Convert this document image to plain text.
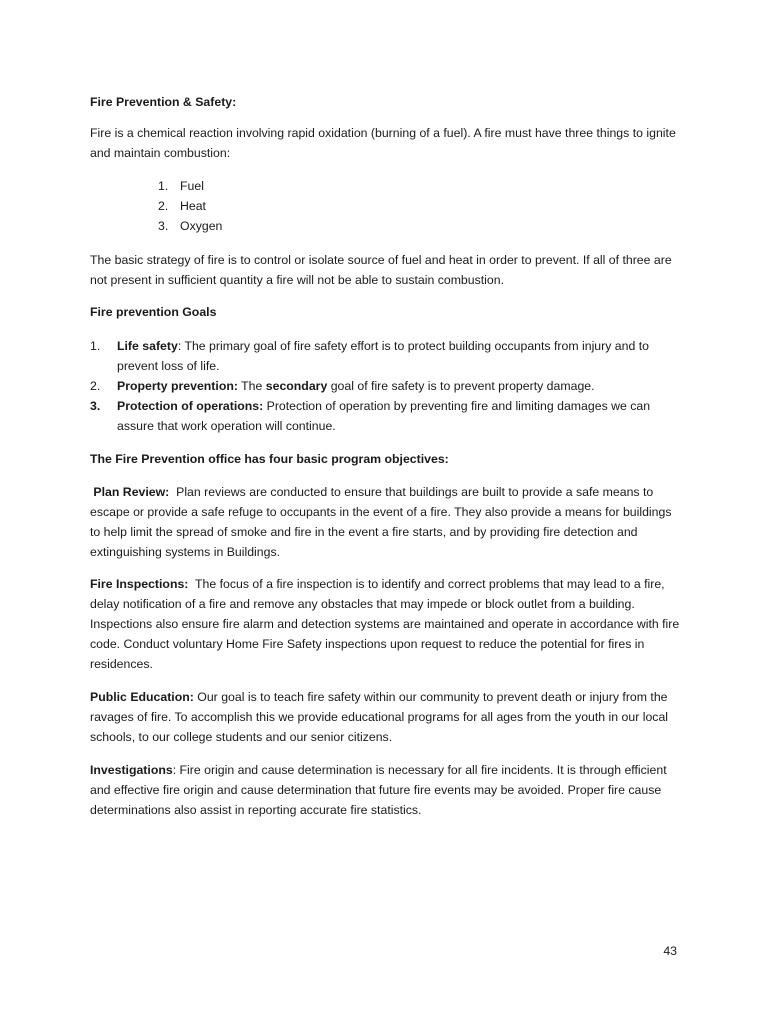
Fire Prevention & Safety:

Fire is a chemical reaction involving rapid oxidation (burning of a fuel). A fire must have three things to ignite and maintain combustion:

1. Fuel
2. Heat
3. Oxygen

The basic strategy of fire is to control or isolate source of fuel and heat in order to prevent. If all of three are not present in sufficient quantity a fire will not be able to sustain combustion.

Fire prevention Goals

1.	Life safety: The primary goal of fire safety effort is to protect building occupants from injury and to prevent loss of life.
2.	Property prevention: The secondary goal of fire safety is to prevent property damage.
3.	Protection of operations: Protection of operation by preventing fire and limiting damages we can assure that work operation will continue.

The Fire Prevention office has four basic program objectives:

Plan Review:  Plan reviews are conducted to ensure that buildings are built to provide a safe means to escape or provide a safe refuge to occupants in the event of a fire. They also provide a means for buildings to help limit the spread of smoke and fire in the event a fire starts, and by providing fire detection and extinguishing systems in Buildings.

Fire Inspections:  The focus of a fire inspection is to identify and correct problems that may lead to a fire, delay notification of a fire and remove any obstacles that may impede or block outlet from a building. Inspections also ensure fire alarm and detection systems are maintained and operate in accordance with fire code. Conduct voluntary Home Fire Safety inspections upon request to reduce the potential for fires in residences.

Public Education: Our goal is to teach fire safety within our community to prevent death or injury from the ravages of fire. To accomplish this we provide educational programs for all ages from the youth in our local schools, to our college students and our senior citizens.

Investigations: Fire origin and cause determination is necessary for all fire incidents. It is through efficient and effective fire origin and cause determination that future fire events may be avoided. Proper fire cause determinations also assist in reporting accurate fire statistics.

43
